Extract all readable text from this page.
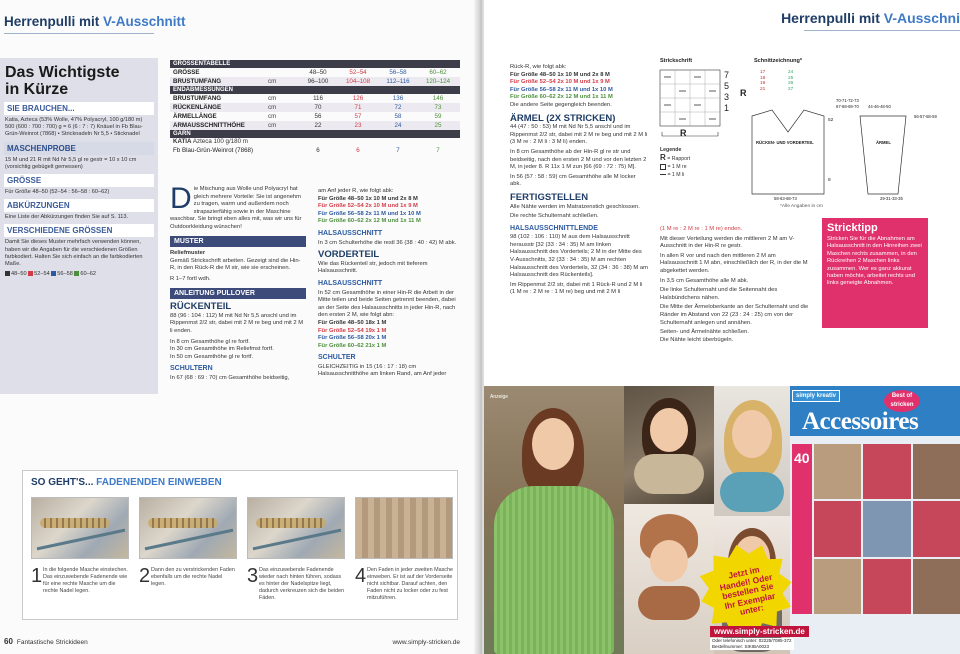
Herrenpulli mit V-Ausschnitt
Das Wichtigste
in Kürze
SIE BRAUCHEN...
Katia, Azteca (53% Wolle, 47% Polyacryl, 100 g/180 m) 500 (600 : 700 : 700) g = 6 (6 : 7 : 7) Knäuel in Fb Blau-Grün-Weinrot (7868) • Stricknadeln Nr 5,5 • Sticknadel
MASCHENPROBE
15 M und 21 R mit Nd Nr 5,5 gl re gestr = 10 x 10 cm (vorsichtig gebügelt gemessen)
GRÖSSE
Für Größe 48–50 (52–54 : 56–58 : 60–62)
ABKÜRZUNGEN
Eine Liste der Abkürzungen finden Sie auf S. 113.
VERSCHIEDENE GRÖSSEN
Damit Sie dieses Muster mehrfach verwenden können, haben wir die Angaben für die verschiedenen Größen farbkodiert. Halten Sie sich einfach an die farbkodierten Maße.
48–50 52–54 56–58 60–62
GRÖSSENTABELLE
GRÖSSE	48–50	52–54	56–58	60–62
BRUSTUMFANG	cm	96–100	104–108	112–116	120–124
ENDABMESSUNGEN
BRUSTUMFANG	cm	116	126	136	146
RÜCKENLÄNGE	cm	70	71	72	73
ÄRMELLÄNGE	cm	56	57	58	59
ARMAUSSCHNITTHÖHE	cm	22	23	24	25
GARN
KATIA Azteca 100 g/180 m
Fb Blau-Grün-Weinrot (7868)	6	6	7	7

Die Mischung aus Wolle und Polyacryl hat gleich mehrere Vorteile: Sie ist angenehm zu tragen, warm und außerdem noch strapazierfähig sowie in der Maschine waschbar. Sie bringt eben alles mit, was wir uns für Outdoorkleidung wünschen!

MUSTER

Reliefmuster

Gemäß Strickschrift arbeiten. Gezeigt sind die Hin-R, in den Rück-R die M str, wie sie erscheinen.

R 1–7 fortl wdh.

ANLEITUNG PULLOVER
RÜCKENTEIL

88 (96 : 104 : 112) M mit Nd Nr 5,5 anschl und im Rippenmst 2/2 str, dabei mit 2 M re beg und mit 2 M li enden.

In 8 cm Gesamthöhe gl re fortf.

In 30 cm Gesamthöhe im Reliefmst fortf.

In 50 cm Gesamthöhe gl re fortf.

SCHULTERN

In 67 (68 : 69 : 70) cm Gesamthöhe beidseitig,

am Anf jeder R, wie folgt abk:

Für Größe 48–50 1x 10 M und 2x 8 M

Für Größe 52–54 2x 10 M und 1x 9 M

Für Größe 56–58 2x 11 M und 1x 10 M

Für Größe 60–62 2x 12 M und 1x 11 M

HALSAUSSCHNITT

In 3 cm Schulterhöhe die restl 36 (38 : 40 : 42) M abk.

VORDERTEIL

Wie das Rückenteil str, jedoch mit tieferem Halsausschnitt.

HALSAUSSCHNITT

In 52 cm Gesamthöhe in einer Hin-R die Arbeit in der Mitte teilen und beide Seiten getrennt beenden, dabei an der Seite des Halsausschnitts in jeder Hin-R, nach den ersten 2 M, wie folgt abn:

Für Größe 48–50 18x 1 M

Für Größe 52–54 19x 1 M

Für Größe 56–58 20x 1 M

Für Größe 60–62 21x 1 M

SCHULTER

GLEICHZEITIG in 15 (16 : 17 : 18) cm Halsausschnitthöhe am linken Rand, am Anf jeder

SO GEHT'S... FADENENDEN EINWEBEN
1 In die folgende Masche einstechen. Das einzuwebende Fadenende wie für eine rechte Masche um die rechte Nadel legen.
2 Dann den zu verstrickenden Faden ebenfalls um die rechte Nadel legen.	3 Das einzuwebende Fadenende wieder nach hinten führen, sodass es hinter der Nadelspitze liegt, dadurch verkreuzen sich die beiden Fäden.
4 Den Faden in jeder zweiten Masche einweben. Er ist auf der Vorderseite nicht sichtbar. Darauf achten, den Faden nicht zu locker oder zu fest mitzuführen.
60 Fantastische Strickideen	www.simply-stricken.de
Herrenpulli mit V-Ausschni

Rück-R, wie folgt abk:

Für Größe 48–50 1x 10 M und 2x 8 M

Für Größe 52–54 2x 10 M und 1x 9 M

Für Größe 56–58 2x 11 M und 1x 10 M

Für Größe 60–62 2x 12 M und 1x 11 M

Die andere Seite gegengleich beenden.

ÄRMEL (2X STRICKEN)

44 (47 : 50 : 53) M mit Nd Nr 5,5 anschl und im Rippenmst 2/2 str, dabei mit 2 M re beg und mit 2 M li (3 M re : 2 M li : 3 M li) enden.

In 8 cm Gesamthöhe ab der Hin-R gl re str und beidseitig, nach den ersten 2 M und vor den letzten 2 M, in jeder 8. R 11x 1 M zun [66 (69 : 72 : 75) M].

In 56 (57 : 58 : 59) cm Gesamthöhe alle M locker abk.

FERTIGSTELLEN

Alle Nähte werden im Matratzenstich geschlossen.

Die rechte Schulternaht schließen.

HALSAUSSCHNITTLENDE

98 (102 : 106 : 110) M aus dem Halsausschnitt herausstr [32 (33 : 34 : 35) M am linken Halsausschnitt des Vorderteils; 2 M in der Mitte des V-Ausschnitts, 32 (33 : 34 : 35) M am rechten Halsausschnitt des Vorderteils, 32 (34 : 36 : 38) M am Halsausschnitt des Rückenteils].

Im Rippenmst 2/2 str, dabei mit 1 Rück-R und 2 M li (1 M re : 2 M re : 1 M re) beg und mit 2 M li

Strickschrift
7
5
3
1
R
R
Legende
R = Rapport
= 1 M re
= 1 M li
Schnittzeichnung*
17
18
19
21
24
25
26
27
52
70-71-72-73
67-68-69-70 44-46-48-50
56-57-58-59
29-31-33-35
58-63-68-73
RÜCKEN- UND VORDERTEIL	ÄRMEL
8
*Alle Angaben in cm

(1 M re : 2 M re : 1 M re) enden.

Mit dieser Verteilung werden die mittleren 2 M am V-Ausschnitt in der Hin-R re gestr.

In allen R vor und nach den mittleren 2 M am Halsausschnitt 1 M abn, einschließlich der R, in der die M abgekettet werden.

In 3,5 cm Gesamthöhe alle M abk.

Die linke Schulternaht und die Seitennaht des Halsbündchens nähen.

Die Mitte der Ärmeloberkante an der Schulternaht und die Ränder im Abstand von 22 (23 : 24 : 25) cm von der Schulternaht anlegen und annähen.

Seiten- und Ärmelnähte schließen.

Die Nähte leicht überbügeln.

Stricktipp
Stricken Sie für die Abnahmen am Halsausschnitt in den Hinreihen zwei Maschen rechts zusammen, in den Rückreihen 2 Maschen links zusammen. Wer es ganz akkurat haben möchte, arbeitet rechts und links geneigte Abnahmen.
Anzeige	simply kreativ	Best of stricken
Accessoires
40
Jetzt im Handel! Oder bestellen Sie Ihr Exemplar unter:
www.simply-stricken.de
Oder telefonisch unter: 02225/7085-372
Bestellnummer: SIKIBA0023
